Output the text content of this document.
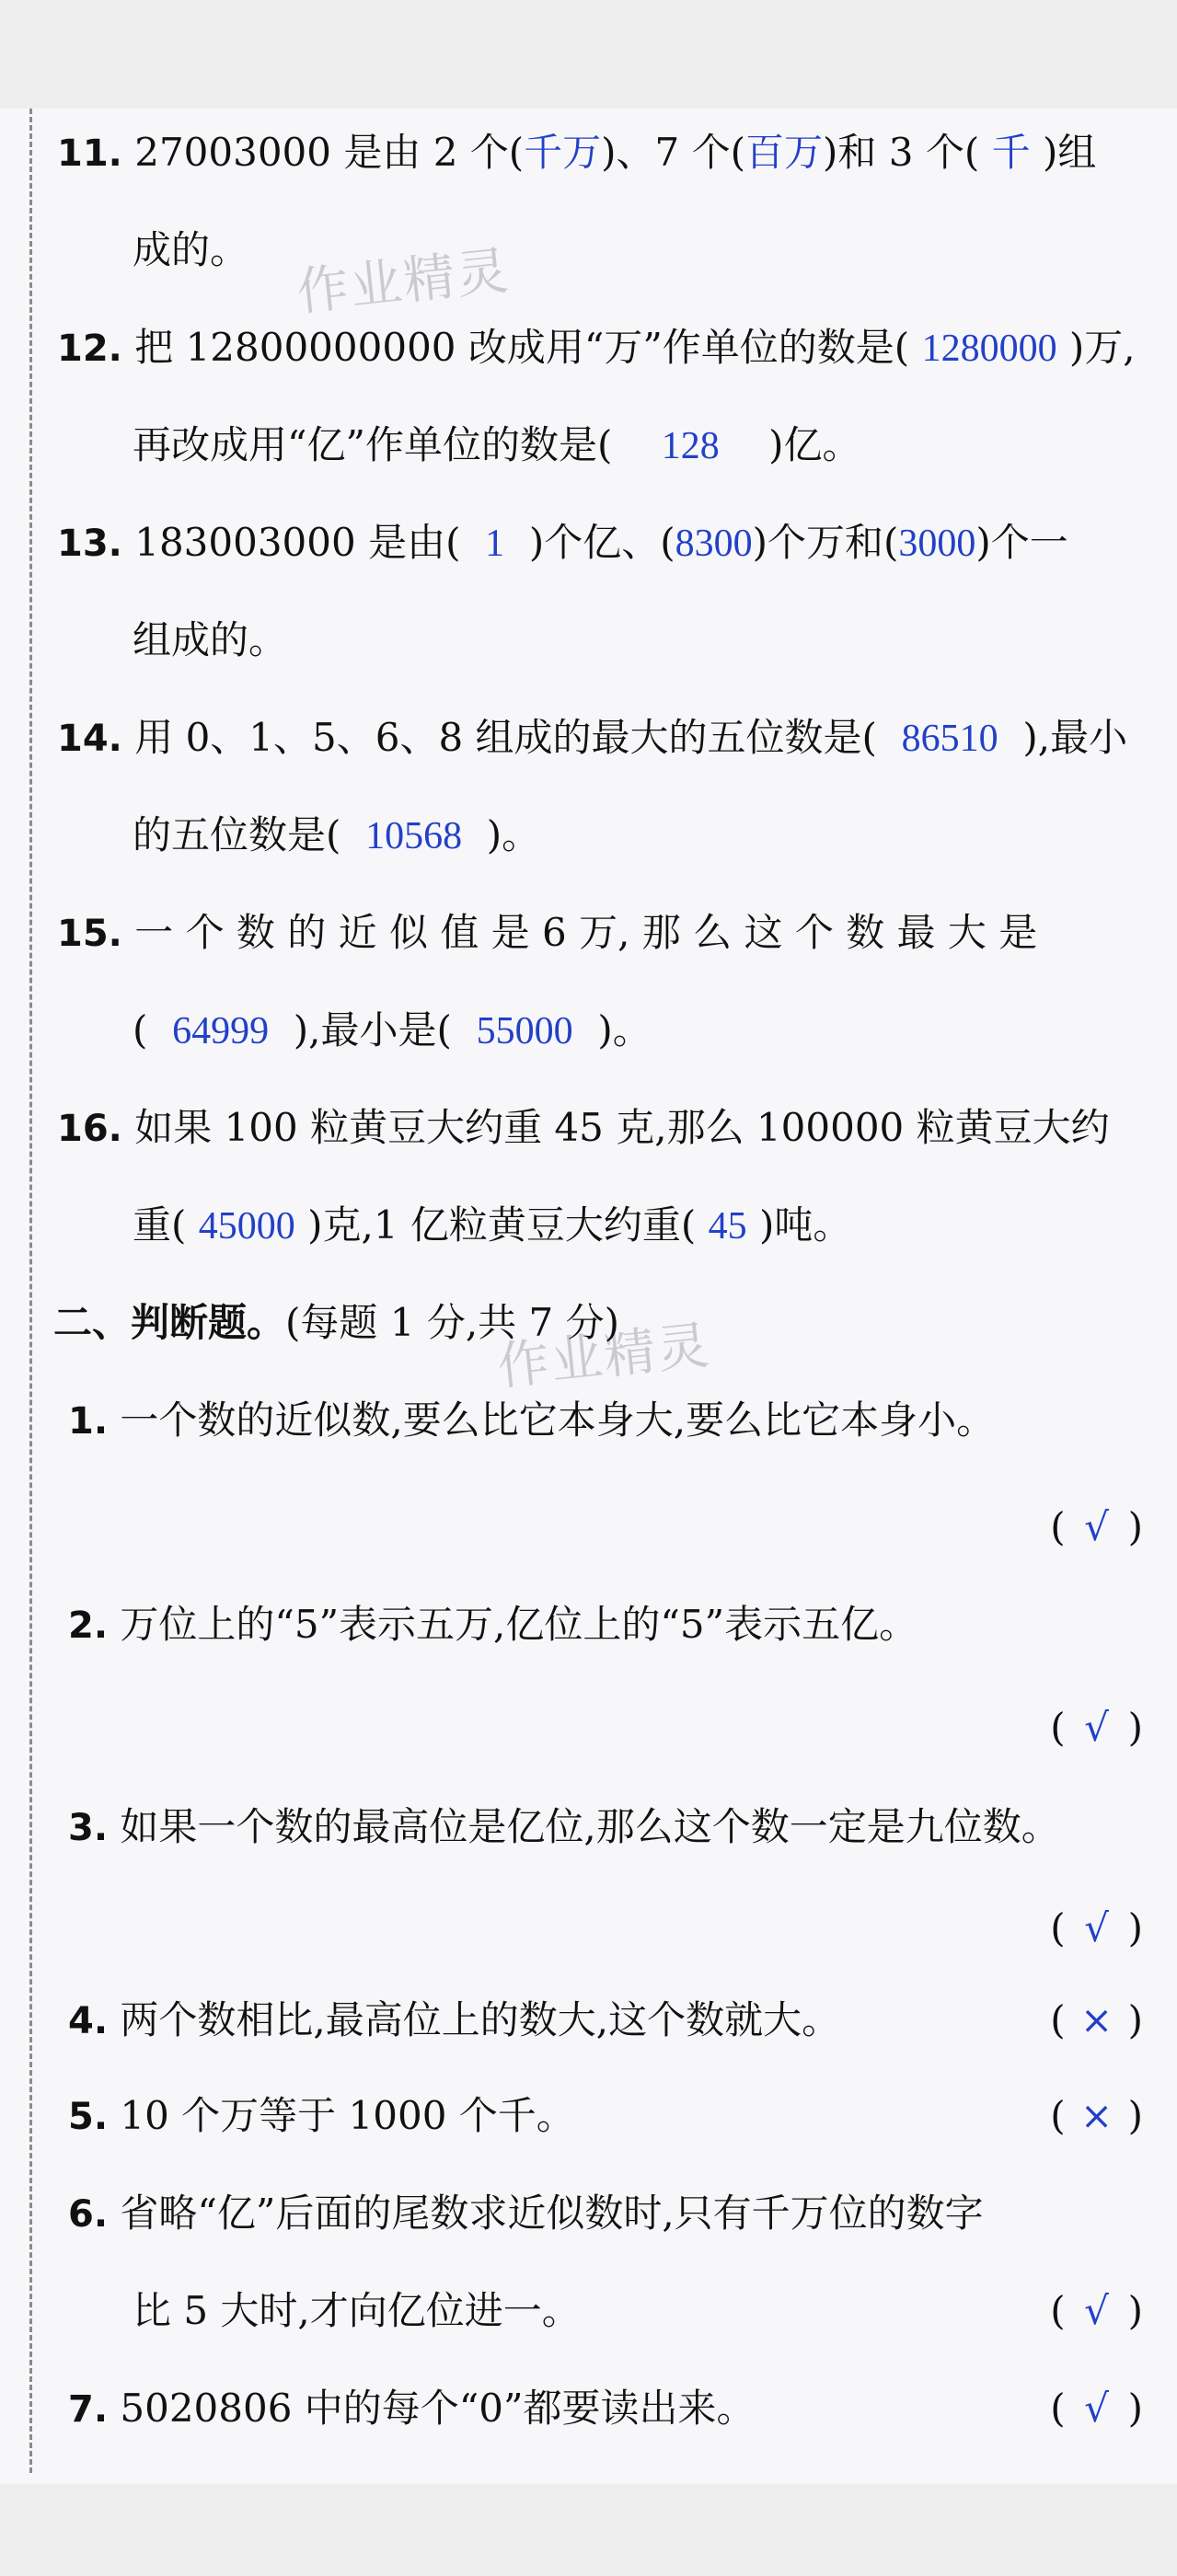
作业精灵
作业精灵
11. 27003000 是由 2 个(千万)、7 个(百万)和 3 个( 千 )组
成的。
12. 把 12800000000 改成用“万”作单位的数是( 1280000 )万,
再改成用“亿”作单位的数是( 128 )亿。
13. 183003000 是由( 1 )个亿、(8300)个万和(3000)个一
组成的。
14. 用 0、1、5、6、8 组成的最大的五位数是( 86510 ),最小
的五位数是( 10568 )。
15. 一 个 数 的 近 似 值 是 6 万, 那 么 这 个 数 最 大 是
( 64999 ),最小是( 55000 )。
16. 如果 100 粒黄豆大约重 45 克,那么 100000 粒黄豆大约
重( 45000 )克,1 亿粒黄豆大约重( 45 )吨。
二、判断题。(每题 1 分,共 7 分)
1. 一个数的近似数,要么比它本身大,要么比它本身小。
( √ )
2. 万位上的“5”表示五万,亿位上的“5”表示五亿。
( √ )
3. 如果一个数的最高位是亿位,那么这个数一定是九位数。
( √ )
4. 两个数相比,最高位上的数大,这个数就大。	( × )
5. 10 个万等于 1000 个千。	( × )
6. 省略“亿”后面的尾数求近似数时,只有千万位的数字
比 5 大时,才向亿位进一。	( √ )
7. 5020806 中的每个“0”都要读出来。	( √ )
